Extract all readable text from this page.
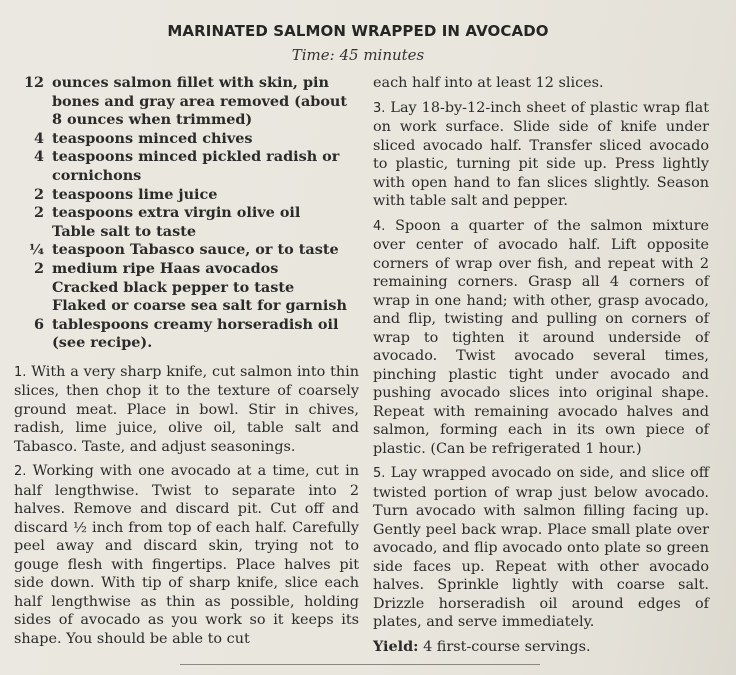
MARINATED SALMON WRAPPED IN AVOCADO
Time: 45 minutes
12 ounces salmon fillet with skin, pin bones and gray area removed (about 8 ounces when trimmed)
4 teaspoons minced chives
4 teaspoons minced pickled radish or cornichons
2 teaspoons lime juice
2 teaspoons extra virgin olive oil
Table salt to taste
¼ teaspoon Tabasco sauce, or to taste
2 medium ripe Haas avocados
Cracked black pepper to taste
Flaked or coarse sea salt for garnish
6 tablespoons creamy horseradish oil (see recipe).

1. With a very sharp knife, cut salmon into thin slices, then chop it to the texture of coarsely ground meat. Place in bowl. Stir in chives, radish, lime juice, olive oil, table salt and Tabasco. Taste, and adjust seasonings.

2. Working with one avocado at a time, cut in half lengthwise. Twist to separate into 2 halves. Remove and discard pit. Cut off and discard ½ inch from top of each half. Carefully peel away and discard skin, trying not to gouge flesh with fingertips. Place halves pit side down. With tip of sharp knife, slice each half lengthwise as thin as possible, holding sides of avocado as you work so it keeps its shape. You should be able to cut

each half into at least 12 slices.

3. Lay 18-by-12-inch sheet of plastic wrap flat on work surface. Slide side of knife under sliced avocado half. Transfer sliced avocado to plastic, turning pit side up. Press lightly with open hand to fan slices slightly. Season with table salt and pepper.

4. Spoon a quarter of the salmon mixture over center of avocado half. Lift opposite corners of wrap over fish, and repeat with 2 remaining corners. Grasp all 4 corners of wrap in one hand; with other, grasp avocado, and flip, twisting and pulling on corners of wrap to tighten it around underside of avocado. Twist avocado several times, pinching plastic tight under avocado and pushing avocado slices into original shape. Repeat with remaining avocado halves and salmon, forming each in its own piece of plastic. (Can be refrigerated 1 hour.)

5. Lay wrapped avocado on side, and slice off twisted portion of wrap just below avocado. Turn avocado with salmon filling facing up. Gently peel back wrap. Place small plate over avocado, and flip avocado onto plate so green side faces up. Repeat with other avocado halves. Sprinkle lightly with coarse salt. Drizzle horseradish oil around edges of plates, and serve immediately.

Yield: 4 first-course servings.
